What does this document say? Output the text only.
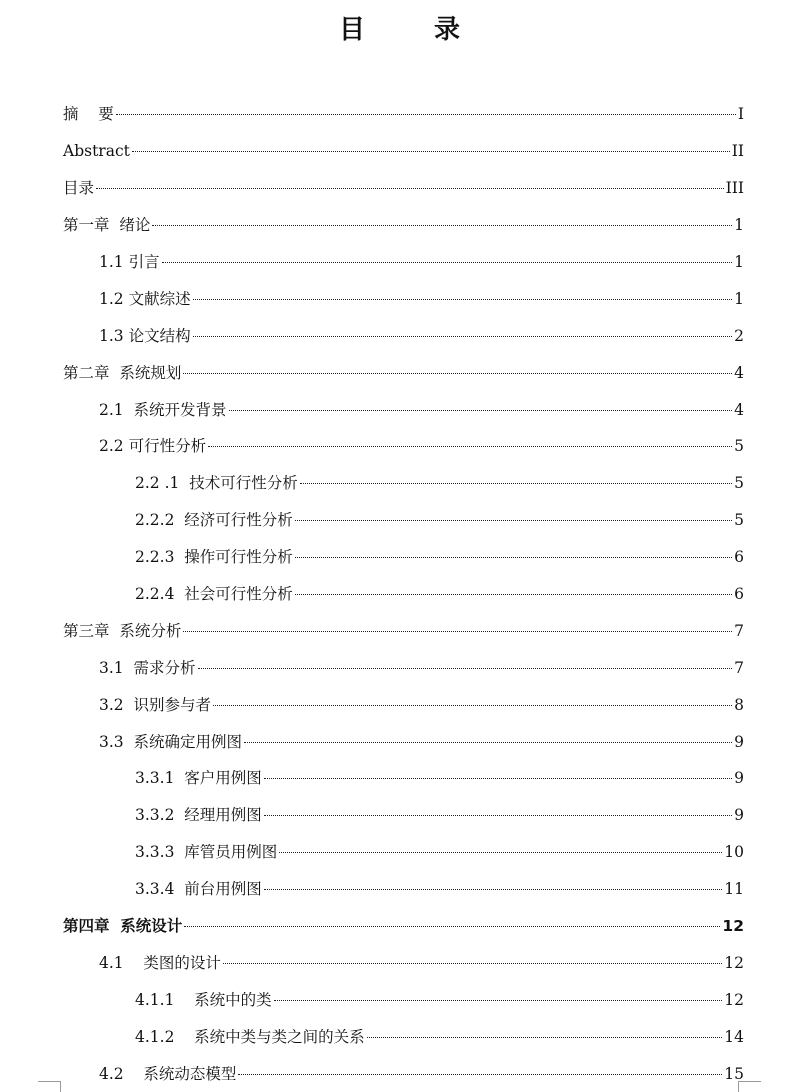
目 录
摘    要	I
Abstract	II
目录	III
第一章  绪论	1
1.1 引言	1
1.2 文献综述	1
1.3 论文结构	2
第二章  系统规划	4
2.1  系统开发背景	4
2.2 可行性分析	5
2.2 .1  技术可行性分析	5
2.2.2  经济可行性分析	5
2.2.3  操作可行性分析	6
2.2.4  社会可行性分析	6
第三章  系统分析	7
3.1  需求分析	7
3.2  识别参与者	8
3.3  系统确定用例图	9
3.3.1  客户用例图	9
3.3.2  经理用例图	9
3.3.3  库管员用例图	10
3.3.4  前台用例图	11
第四章  系统设计	12
4.1    类图的设计	12
4.1.1    系统中的类	12
4.1.2    系统中类与类之间的关系	14
4.2    系统动态模型	15
